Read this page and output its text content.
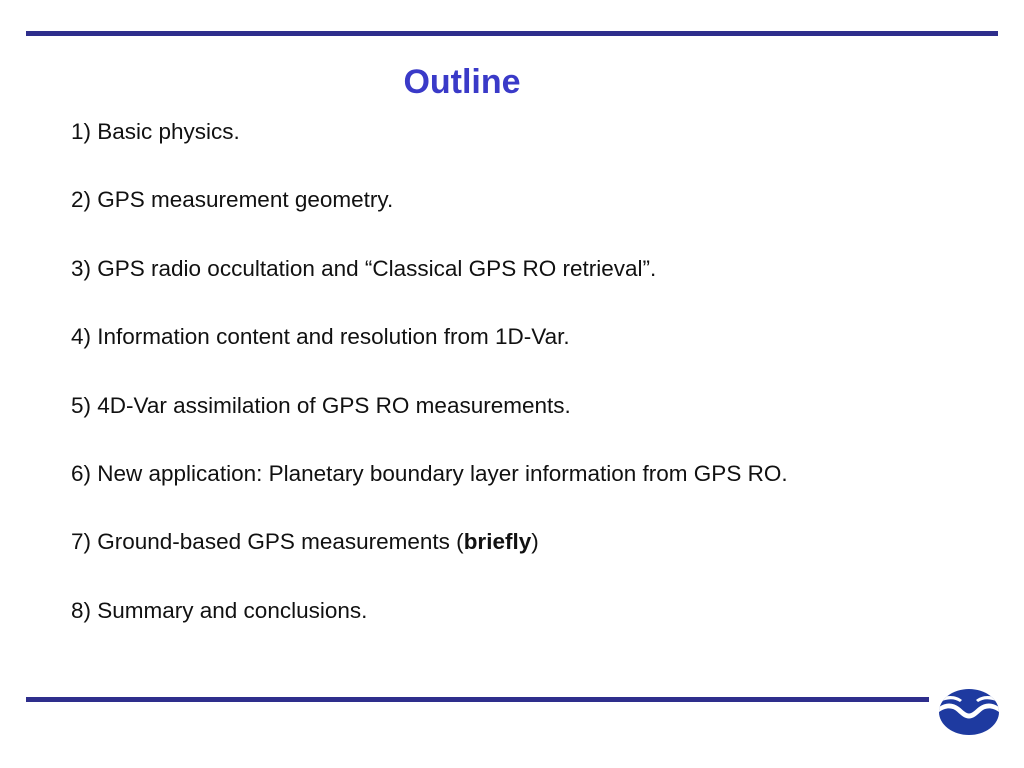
Outline
1) Basic physics.
2) GPS measurement geometry.
3) GPS radio occultation and “Classical GPS RO retrieval”.
4) Information content and resolution from 1D-Var.
5) 4D-Var assimilation of GPS RO measurements.
6) New application: Planetary boundary layer information from GPS RO.
7) Ground-based GPS measurements (briefly)
8) Summary and conclusions.
